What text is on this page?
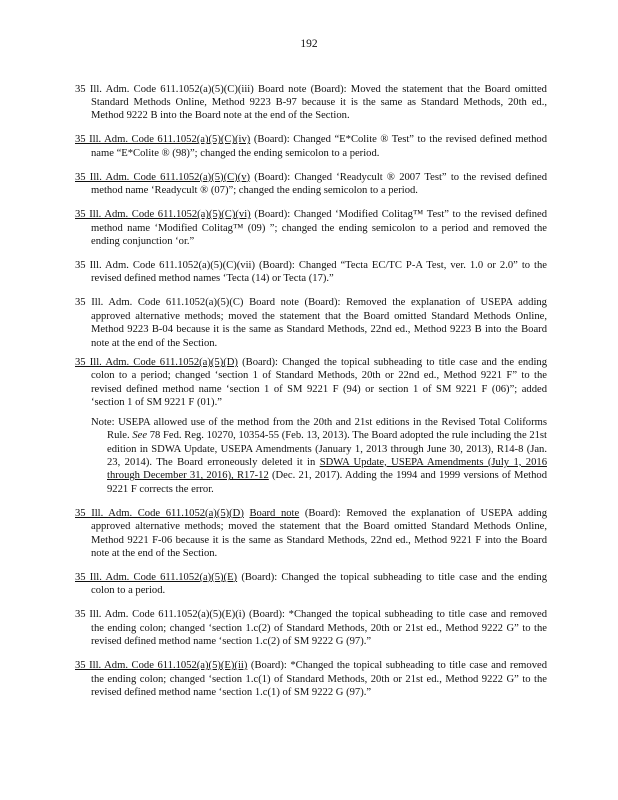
192

35 Ill. Adm. Code 611.1052(a)(5)(C)(iii) Board note (Board): Moved the statement that the Board omitted Standard Methods Online, Method 9223 B-97 because it is the same as Standard Methods, 20th ed., Method 9222 B into the Board note at the end of the Section.

35 Ill. Adm. Code 611.1052(a)(5)(C)(iv) (Board): Changed “E*Colite ® Test” to the revised defined method name “E*Colite ® (98)”; changed the ending semicolon to a period.

35 Ill. Adm. Code 611.1052(a)(5)(C)(v) (Board): Changed ‘Readycult ® 2007 Test” to the revised defined method name ‘Readycult ® (07)”; changed the ending semicolon to a period.

35 Ill. Adm. Code 611.1052(a)(5)(C)(vi) (Board): Changed ‘Modified Colitag™ Test” to the revised defined method name ‘Modified Colitag™ (09) ”; changed the ending semicolon to a period and removed the ending conjunction ‘or.”

35 Ill. Adm. Code 611.1052(a)(5)(C)(vii) (Board): Changed “Tecta EC/TC P-A Test, ver. 1.0 or 2.0” to the revised defined method names ‘Tecta (14) or Tecta (17).”

35 Ill. Adm. Code 611.1052(a)(5)(C) Board note (Board): Removed the explanation of USEPA adding approved alternative methods; moved the statement that the Board omitted Standard Methods Online, Method 9223 B-04 because it is the same as Standard Methods, 22nd ed., Method 9223 B into the Board note at the end of the Section.

35 Ill. Adm. Code 611.1052(a)(5)(D) (Board): Changed the topical subheading to title case and the ending colon to a period; changed ‘section 1 of Standard Methods, 20th or 22nd ed., Method 9221 F” to the revised defined method name ‘section 1 of SM 9221 F (94) or section 1 of SM 9221 F (06)”; added ‘section 1 of SM 9221 F (01).”
Note: USEPA allowed use of the method from the 20th and 21st editions in the Revised Total Coliforms Rule. See 78 Fed. Reg. 10270, 10354-55 (Feb. 13, 2013). The Board adopted the rule including the 21st edition in SDWA Update, USEPA Amendments (January 1, 2013 through June 30, 2013), R14-8 (Jan. 23, 2014). The Board erroneously deleted it in SDWA Update, USEPA Amendments (July 1, 2016 through December 31, 2016), R17-12 (Dec. 21, 2017). Adding the 1994 and 1999 versions of Method 9221 F corrects the error.

35 Ill. Adm. Code 611.1052(a)(5)(D) Board note (Board): Removed the explanation of USEPA adding approved alternative methods; moved the statement that the Board omitted Standard Methods Online, Method 9221 F-06 because it is the same as Standard Methods, 22nd ed., Method 9221 F into the Board note at the end of the Section.

35 Ill. Adm. Code 611.1052(a)(5)(E) (Board): Changed the topical subheading to title case and the ending colon to a period.

35 Ill. Adm. Code 611.1052(a)(5)(E)(i) (Board): *Changed the topical subheading to title case and removed the ending colon; changed ‘section 1.c(2) of Standard Methods, 20th or 21st ed., Method 9222 G” to the revised defined method name ‘section 1.c(2) of SM 9222 G (97).”

35 Ill. Adm. Code 611.1052(a)(5)(E)(ii) (Board): *Changed the topical subheading to title case and removed the ending colon; changed ‘section 1.c(1) of Standard Methods, 20th or 21st ed., Method 9222 G” to the revised defined method name ‘section 1.c(1) of SM 9222 G (97).”
